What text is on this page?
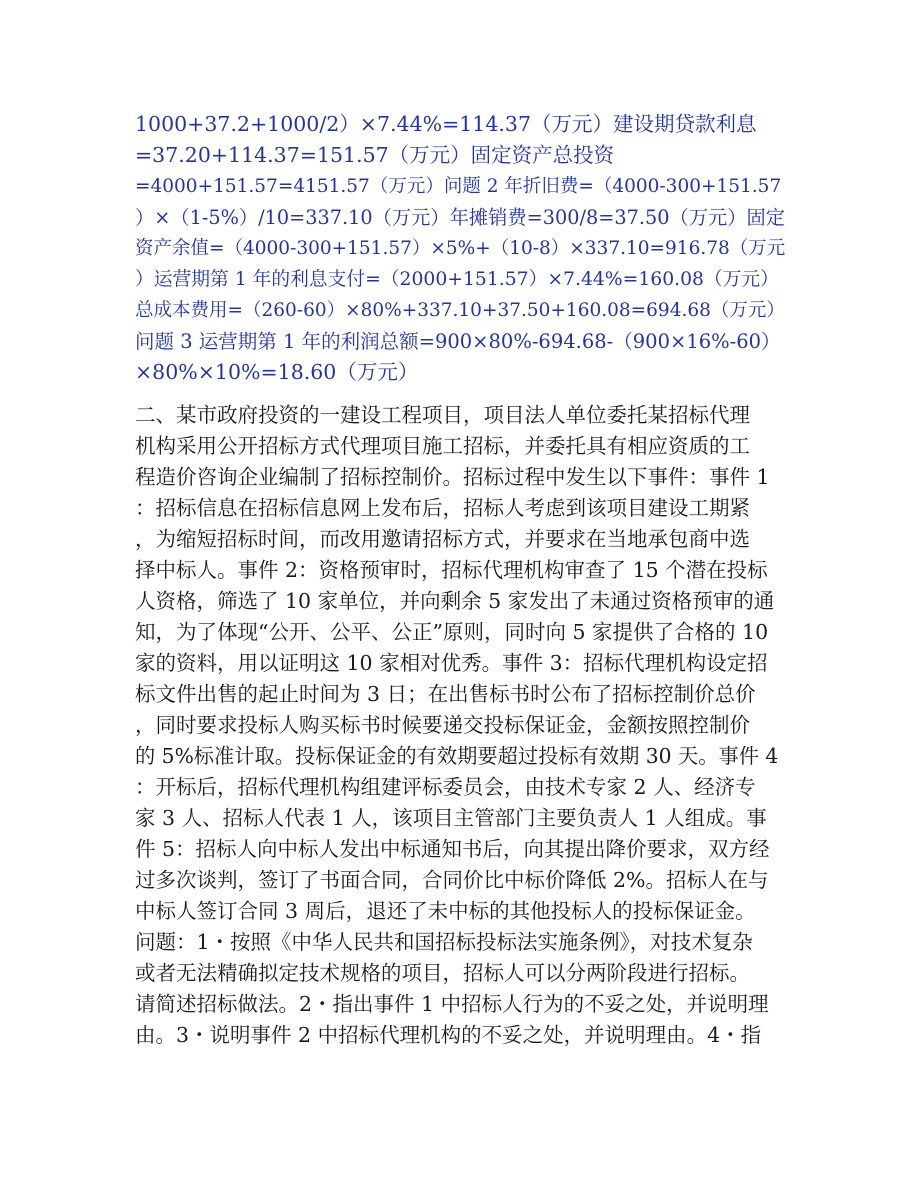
1000+37.2+1000/2）×7.44%=114.37（万元）建设期贷款利息
=37.20+114.37=151.57（万元）固定资产总投资
=4000+151.57=4151.57（万元）问题 2 年折旧费=（4000-300+151.57
）×（1-5%）/10=337.10（万元）年摊销费=300/8=37.50（万元）固定
资产余值=（4000-300+151.57）×5%+（10-8）×337.10=916.78（万元
）运营期第 1 年的利息支付=（2000+151.57）×7.44%=160.08（万元）
总成本费用=（260-60）×80%+337.10+37.50+160.08=694.68（万元）
问题 3 运营期第 1 年的利润总额=900×80%-694.68-（900×16%-60）
×80%×10%=18.60（万元）
二、某市政府投资的一建设工程项目，项目法人单位委托某招标代理
机构采用公开招标方式代理项目施工招标，并委托具有相应资质的工
程造价咨询企业编制了招标控制价。招标过程中发生以下事件：事件 1
：招标信息在招标信息网上发布后，招标人考虑到该项目建设工期紧
，为缩短招标时间，而改用邀请招标方式，并要求在当地承包商中选
择中标人。事件 2：资格预审时，招标代理机构审查了 15 个潜在投标
人资格，筛选了 10 家单位，并向剩余 5 家发出了未通过资格预审的通
知，为了体现“公开、公平、公正”原则，同时向 5 家提供了合格的 10
家的资料，用以证明这 10 家相对优秀。事件 3：招标代理机构设定招
标文件出售的起止时间为 3 日；在出售标书时公布了招标控制价总价
，同时要求投标人购买标书时候要递交投标保证金，金额按照控制价
的 5%标准计取。投标保证金的有效期要超过投标有效期 30 天。事件 4
：开标后，招标代理机构组建评标委员会，由技术专家 2 人、经济专
家 3 人、招标人代表 1 人，该项目主管部门主要负责人 1 人组成。事
件 5：招标人向中标人发出中标通知书后，向其提出降价要求，双方经
过多次谈判，签订了书面合同，合同价比中标价降低 2%。招标人在与
中标人签订合同 3 周后，退还了未中标的其他投标人的投标保证金。
问题：1・按照《中华人民共和国招标投标法实施条例》，对技术复杂
或者无法精确拟定技术规格的项目，招标人可以分两阶段进行招标。
请简述招标做法。2・指出事件 1 中招标人行为的不妥之处，并说明理
由。3・说明事件 2 中招标代理机构的不妥之处，并说明理由。4・指
